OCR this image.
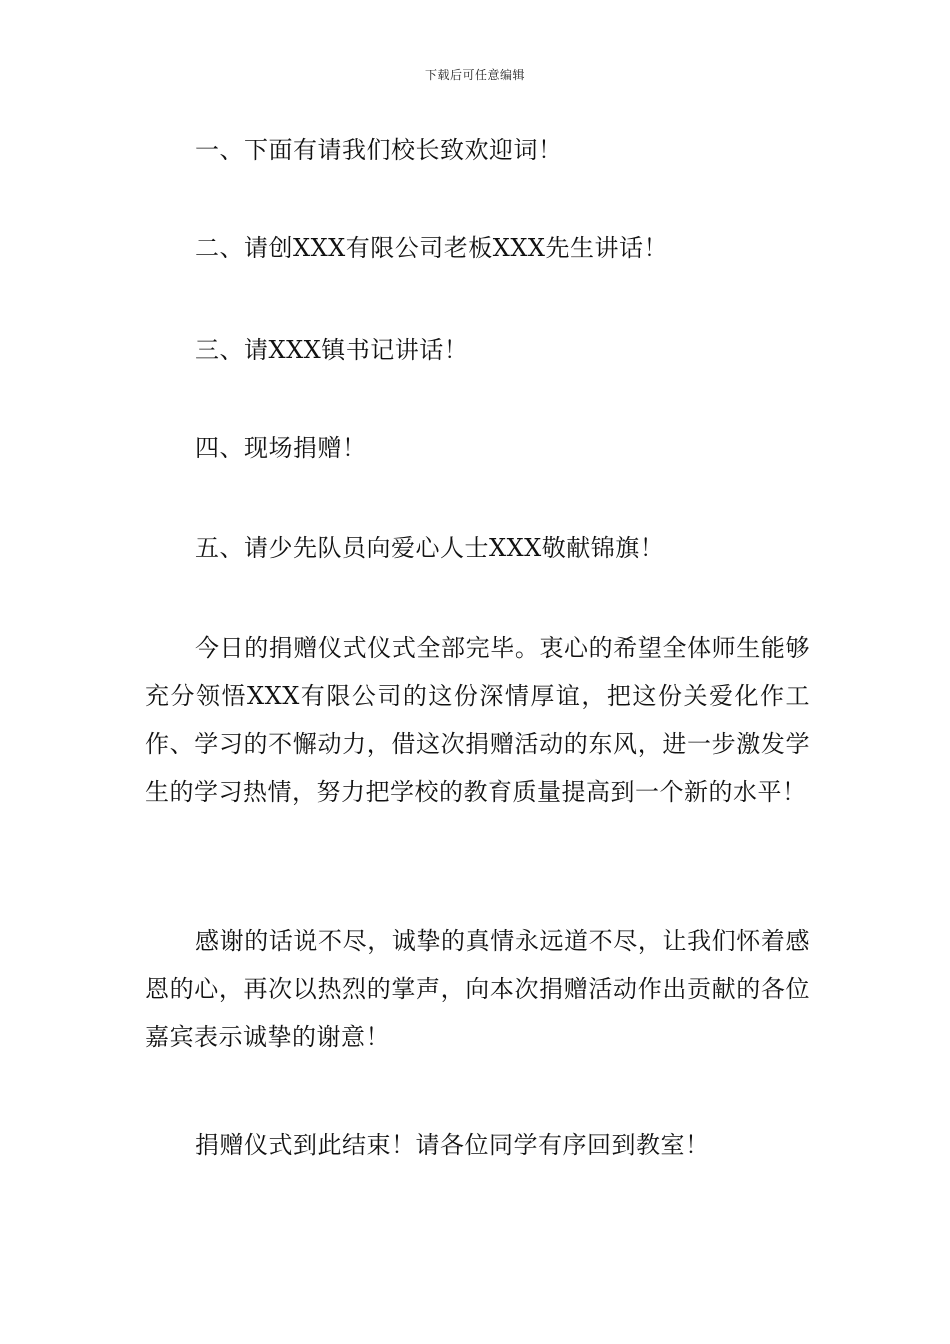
下载后可任意编辑
一、下面有请我们校长致欢迎词！
二、请创XXX有限公司老板XXX先生讲话！
三、请XXX镇书记讲话！
四、现场捐赠！
五、请少先队员向爱心人士XXX敬献锦旗！
今日的捐赠仪式仪式全部完毕。衷心的希望全体师生能够充分领悟XXX有限公司的这份深情厚谊，把这份关爱化作工作、学习的不懈动力，借这次捐赠活动的东风，进一步激发学生的学习热情，努力把学校的教育质量提高到一个新的水平！
感谢的话说不尽，诚挚的真情永远道不尽，让我们怀着感恩的心，再次以热烈的掌声，向本次捐赠活动作出贡献的各位嘉宾表示诚挚的谢意！
捐赠仪式到此结束！请各位同学有序回到教室！
